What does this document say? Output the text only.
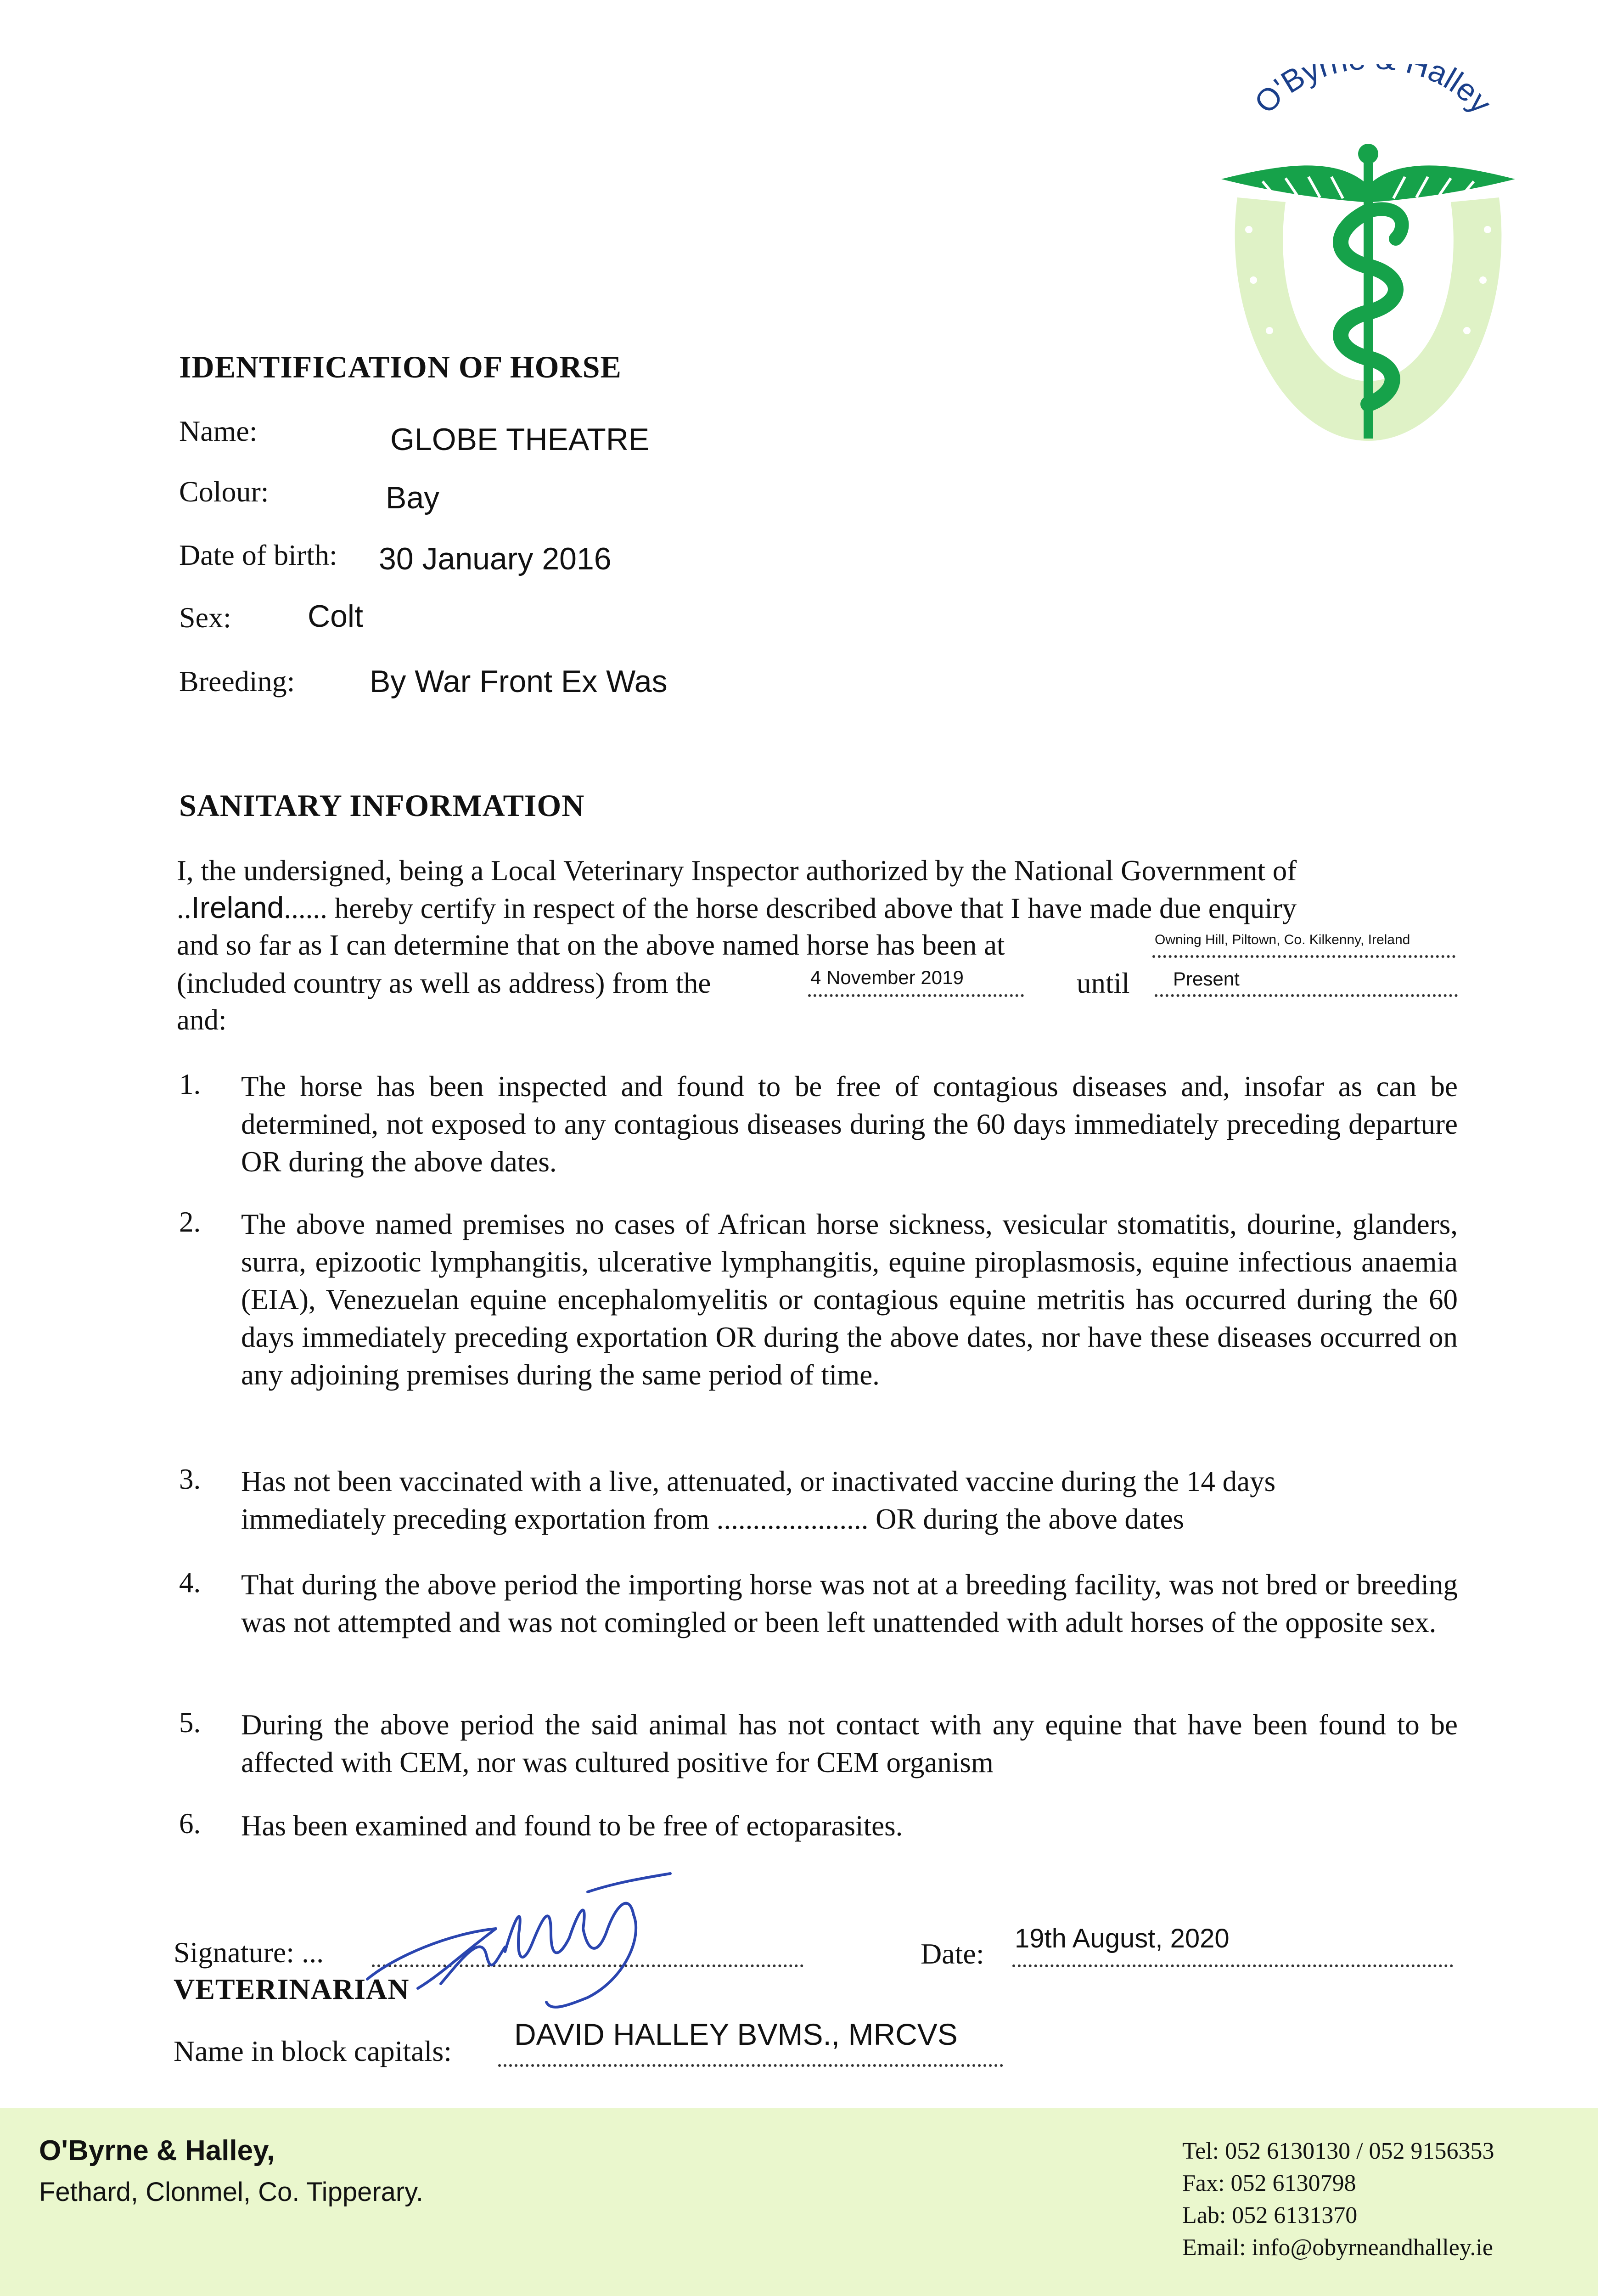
O'Byr Halley
IDENTIFICATION OF HORSE
Name:	GLOBE THEATRE
Colour:	Bay
Date of birth: 30 January 2016
Sex: Colt
Breeding: By War Front Ex Was
SANITARY INFORMATION
I, the undersigned, being a Local Veterinary Inspector authorized by the National Government of
..Ireland...... hereby certify in respect of the horse described above that I have made due enquiry
and so far as I can determine that on the above named horse has been at	Owning Hill, Piltown, Co. Kilkenny, Ireland
(included country as well as address) from the	4 November 2019	until Present
and:
1. The horse has been inspected and found to be free of contagious diseases and, insofar as can be determined, not exposed to any contagious diseases during the 60 days immediately preceding departure OR during the above dates.
2. The above named premises no cases of African horse sickness, vesicular stomatitis, dourine, glanders, surra, epizootic lymphangitis, ulcerative lymphangitis, equine piroplasmosis, equine infectious anaemia (EIA), Venezuelan equine encephalomyelitis or contagious equine metritis has occurred during the 60 days immediately preceding exportation OR during the above dates, nor have these diseases occurred on any adjoining premises during the same period of time.
3. Has not been vaccinated with a live, attenuated, or inactivated vaccine during the 14 days
immediately preceding exportation from ..................... OR during the above dates
4. That during the above period the importing horse was not at a breeding facility, was not bred or breeding was not attempted and was not comingled or been left unattended with adult horses of the opposite sex.
5. During the above period the said animal has not contact with any equine that have been found to be affected with CEM, nor was cultured positive for CEM organism
6. Has been examined and found to be free of ectoparasites.
Signature: ...
VETERINARIAN
Date: 19th August, 2020
Name in block capitals: DAVID HALLEY BVMS., MRCVS
O'Byrne & Halley,
Fethard, Clonmel, Co. Tipperary.
Tel: 052 6130130 / 052 9156353
Fax: 052 6130798
Lab: 052 6131370
Email: info@obyrneandhalley.ie
